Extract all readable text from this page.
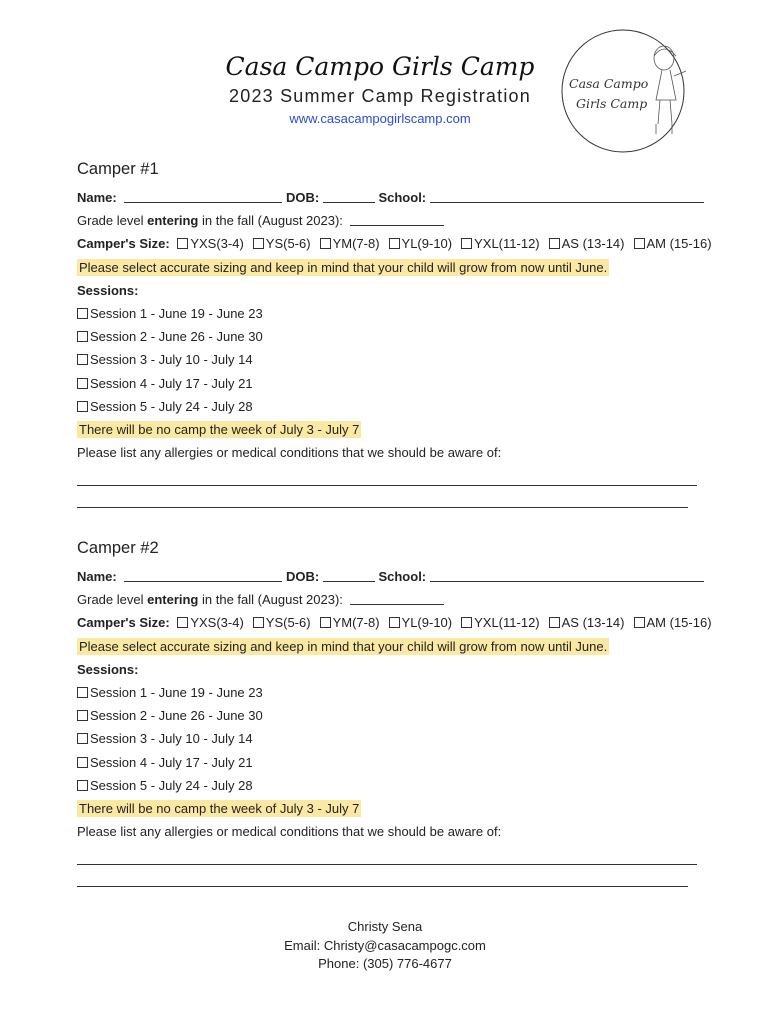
Casa Campo Girls Camp
2023 Summer Camp Registration
www.casacampogirlscamp.com
Casa Campo
Girls Camp
Camper #1
Name:	DOB:	School:
Grade level entering in the fall (August 2023):
Camper's Size: YXS(3-4) YS(5-6) YM(7-8) YL(9-10) YXL(11-12) AS (13-14) AM (15-16)
Please select accurate sizing and keep in mind that your child will grow from now until June.
Sessions:
Session 1 - June 19 - June 23
Session 2 - June 26 - June 30
Session 3 - July 10 - July 14
Session 4 - July 17 - July 21
Session 5 - July 24 - July 28
There will be no camp the week of July 3 - July 7
Please list any allergies or medical conditions that we should be aware of:
Camper #2
Name:	DOB:	School:
Grade level entering in the fall (August 2023):
Camper's Size: YXS(3-4) YS(5-6) YM(7-8) YL(9-10) YXL(11-12) AS (13-14) AM (15-16)
Please select accurate sizing and keep in mind that your child will grow from now until June.
Sessions:
Session 1 - June 19 - June 23
Session 2 - June 26 - June 30
Session 3 - July 10 - July 14
Session 4 - July 17 - July 21
Session 5 - July 24 - July 28
There will be no camp the week of July 3 - July 7
Please list any allergies or medical conditions that we should be aware of:
Christy Sena
Email: Christy@casacampogc.com
Phone: (305) 776-4677
